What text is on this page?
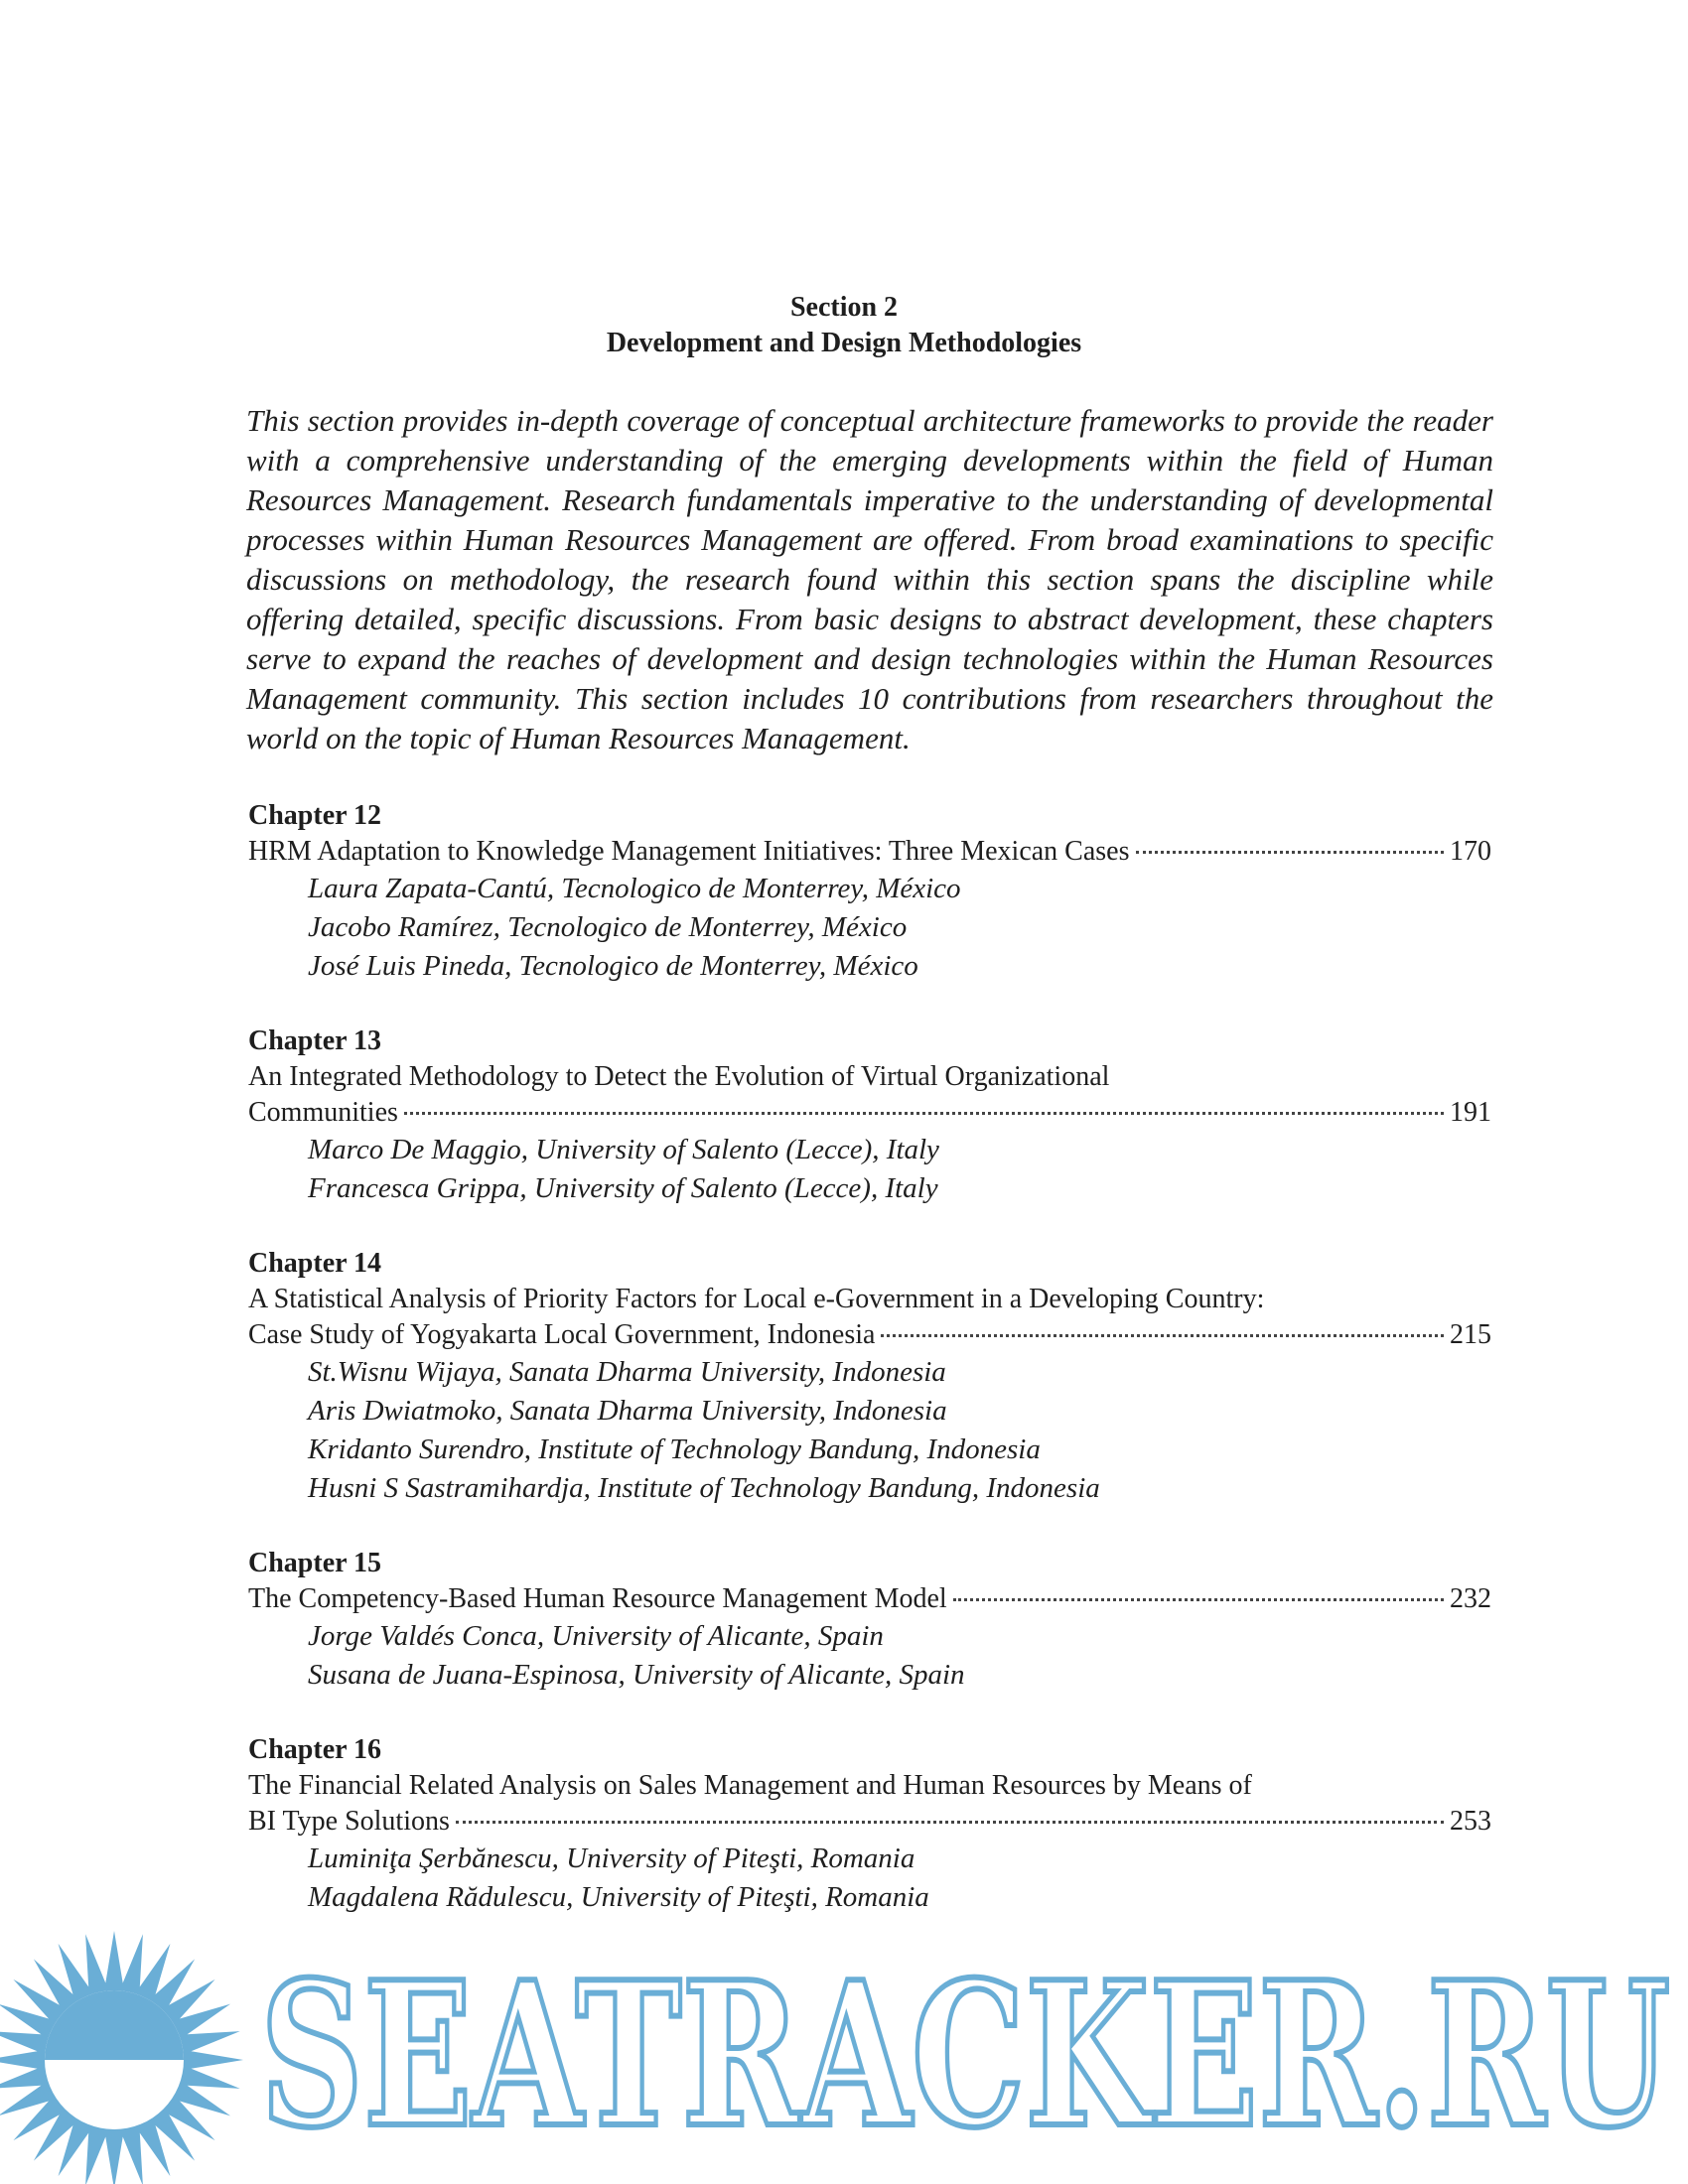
Section 2
Development and Design Methodologies

This section provides in-depth coverage of conceptual architecture frameworks to provide the reader with a comprehensive understanding of the emerging developments within the field of Human Resources Management. Research fundamentals imperative to the understanding of developmental processes within Human Resources Management are offered. From broad examinations to specific discussions on methodology, the research found within this section spans the discipline while offering detailed, specific discussions. From basic designs to abstract development, these chapters serve to expand the reaches of development and design technologies within the Human Resources Management community. This section includes 10 contributions from researchers throughout the world on the topic of Human Resources Management.

Chapter 12
HRM Adaptation to Knowledge Management Initiatives: Three Mexican Cases	170
Laura Zapata-Cantú, Tecnologico de Monterrey, México
Jacobo Ramírez, Tecnologico de Monterrey, México
José Luis Pineda, Tecnologico de Monterrey, México
Chapter 13
An Integrated Methodology to Detect the Evolution of Virtual Organizational
Communities	191
Marco De Maggio, University of Salento (Lecce), Italy
Francesca Grippa, University of Salento (Lecce), Italy
Chapter 14
A Statistical Analysis of Priority Factors for Local e-Government in a Developing Country:
Case Study of Yogyakarta Local Government, Indonesia	215
St.Wisnu Wijaya, Sanata Dharma University, Indonesia
Aris Dwiatmoko, Sanata Dharma University, Indonesia
Kridanto Surendro, Institute of Technology Bandung, Indonesia
Husni S Sastramihardja, Institute of Technology Bandung, Indonesia
Chapter 15
The Competency-Based Human Resource Management Model	232
Jorge Valdés Conca, University of Alicante, Spain
Susana de Juana-Espinosa, University of Alicante, Spain
Chapter 16
The Financial Related Analysis on Sales Management and Human Resources by Means of
BI Type Solutions	253
Luminiţa Şerbănescu, University of Piteşti, Romania
Magdalena Rădulescu, University of Piteşti, Romania
SEATRACKER.RU
